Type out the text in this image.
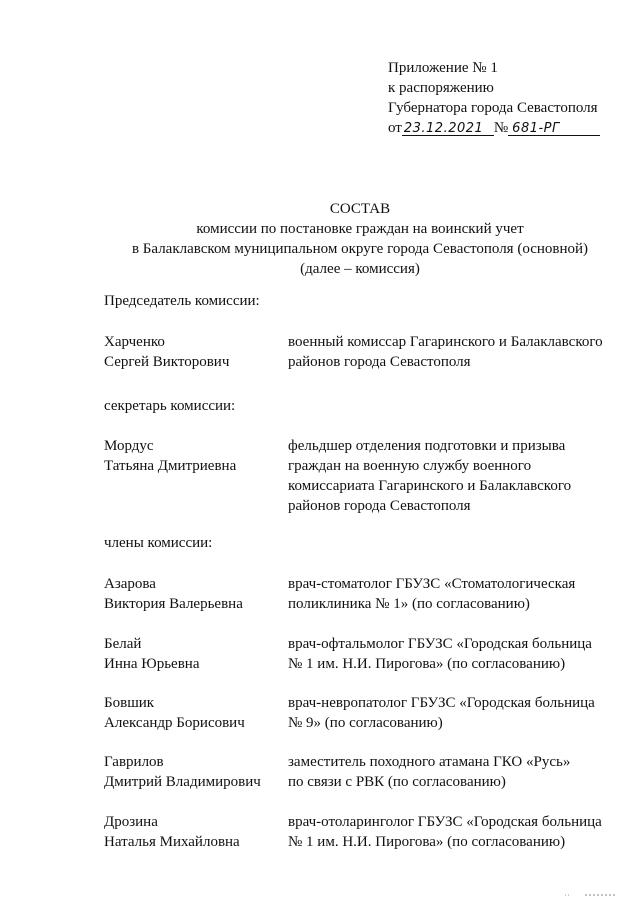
Приложение № 1
к распоряжению
Губернатора города Севастополя
от 23.12.2021 № 681-РГ
СОСТАВ
комиссии по постановке граждан на воинский учет
в Балаклавском муниципальном округе города Севастополя (основной)
(далее – комиссия)
Председатель комиссии:
Харченко
Сергей Викторович
военный комиссар Гагаринского и Балаклавского
районов города Севастополя
секретарь комиссии:
Мордус
Татьяна Дмитриевна
фельдшер отделения подготовки и призыва
граждан на военную службу военного
комиссариата Гагаринского и Балаклавского
районов города Севастополя
члены комиссии:
Азарова
Виктория Валерьевна
врач-стоматолог ГБУЗС «Стоматологическая
поликлиника № 1» (по согласованию)
Белай
Инна Юрьевна
врач-офтальмолог ГБУЗС «Городская больница
№ 1 им. Н.И. Пирогова» (по согласованию)
Бовшик
Александр Борисович
врач-невропатолог ГБУЗС «Городская больница
№ 9» (по согласованию)
Гаврилов
Дмитрий Владимирович
заместитель походного атамана ГКО «Русь»
по связи с РВК (по согласованию)
Дрозина
Наталья Михайловна
врач-отоларинголог ГБУЗС «Городская больница
№ 1 им. Н.И. Пирогова» (по согласованию)
